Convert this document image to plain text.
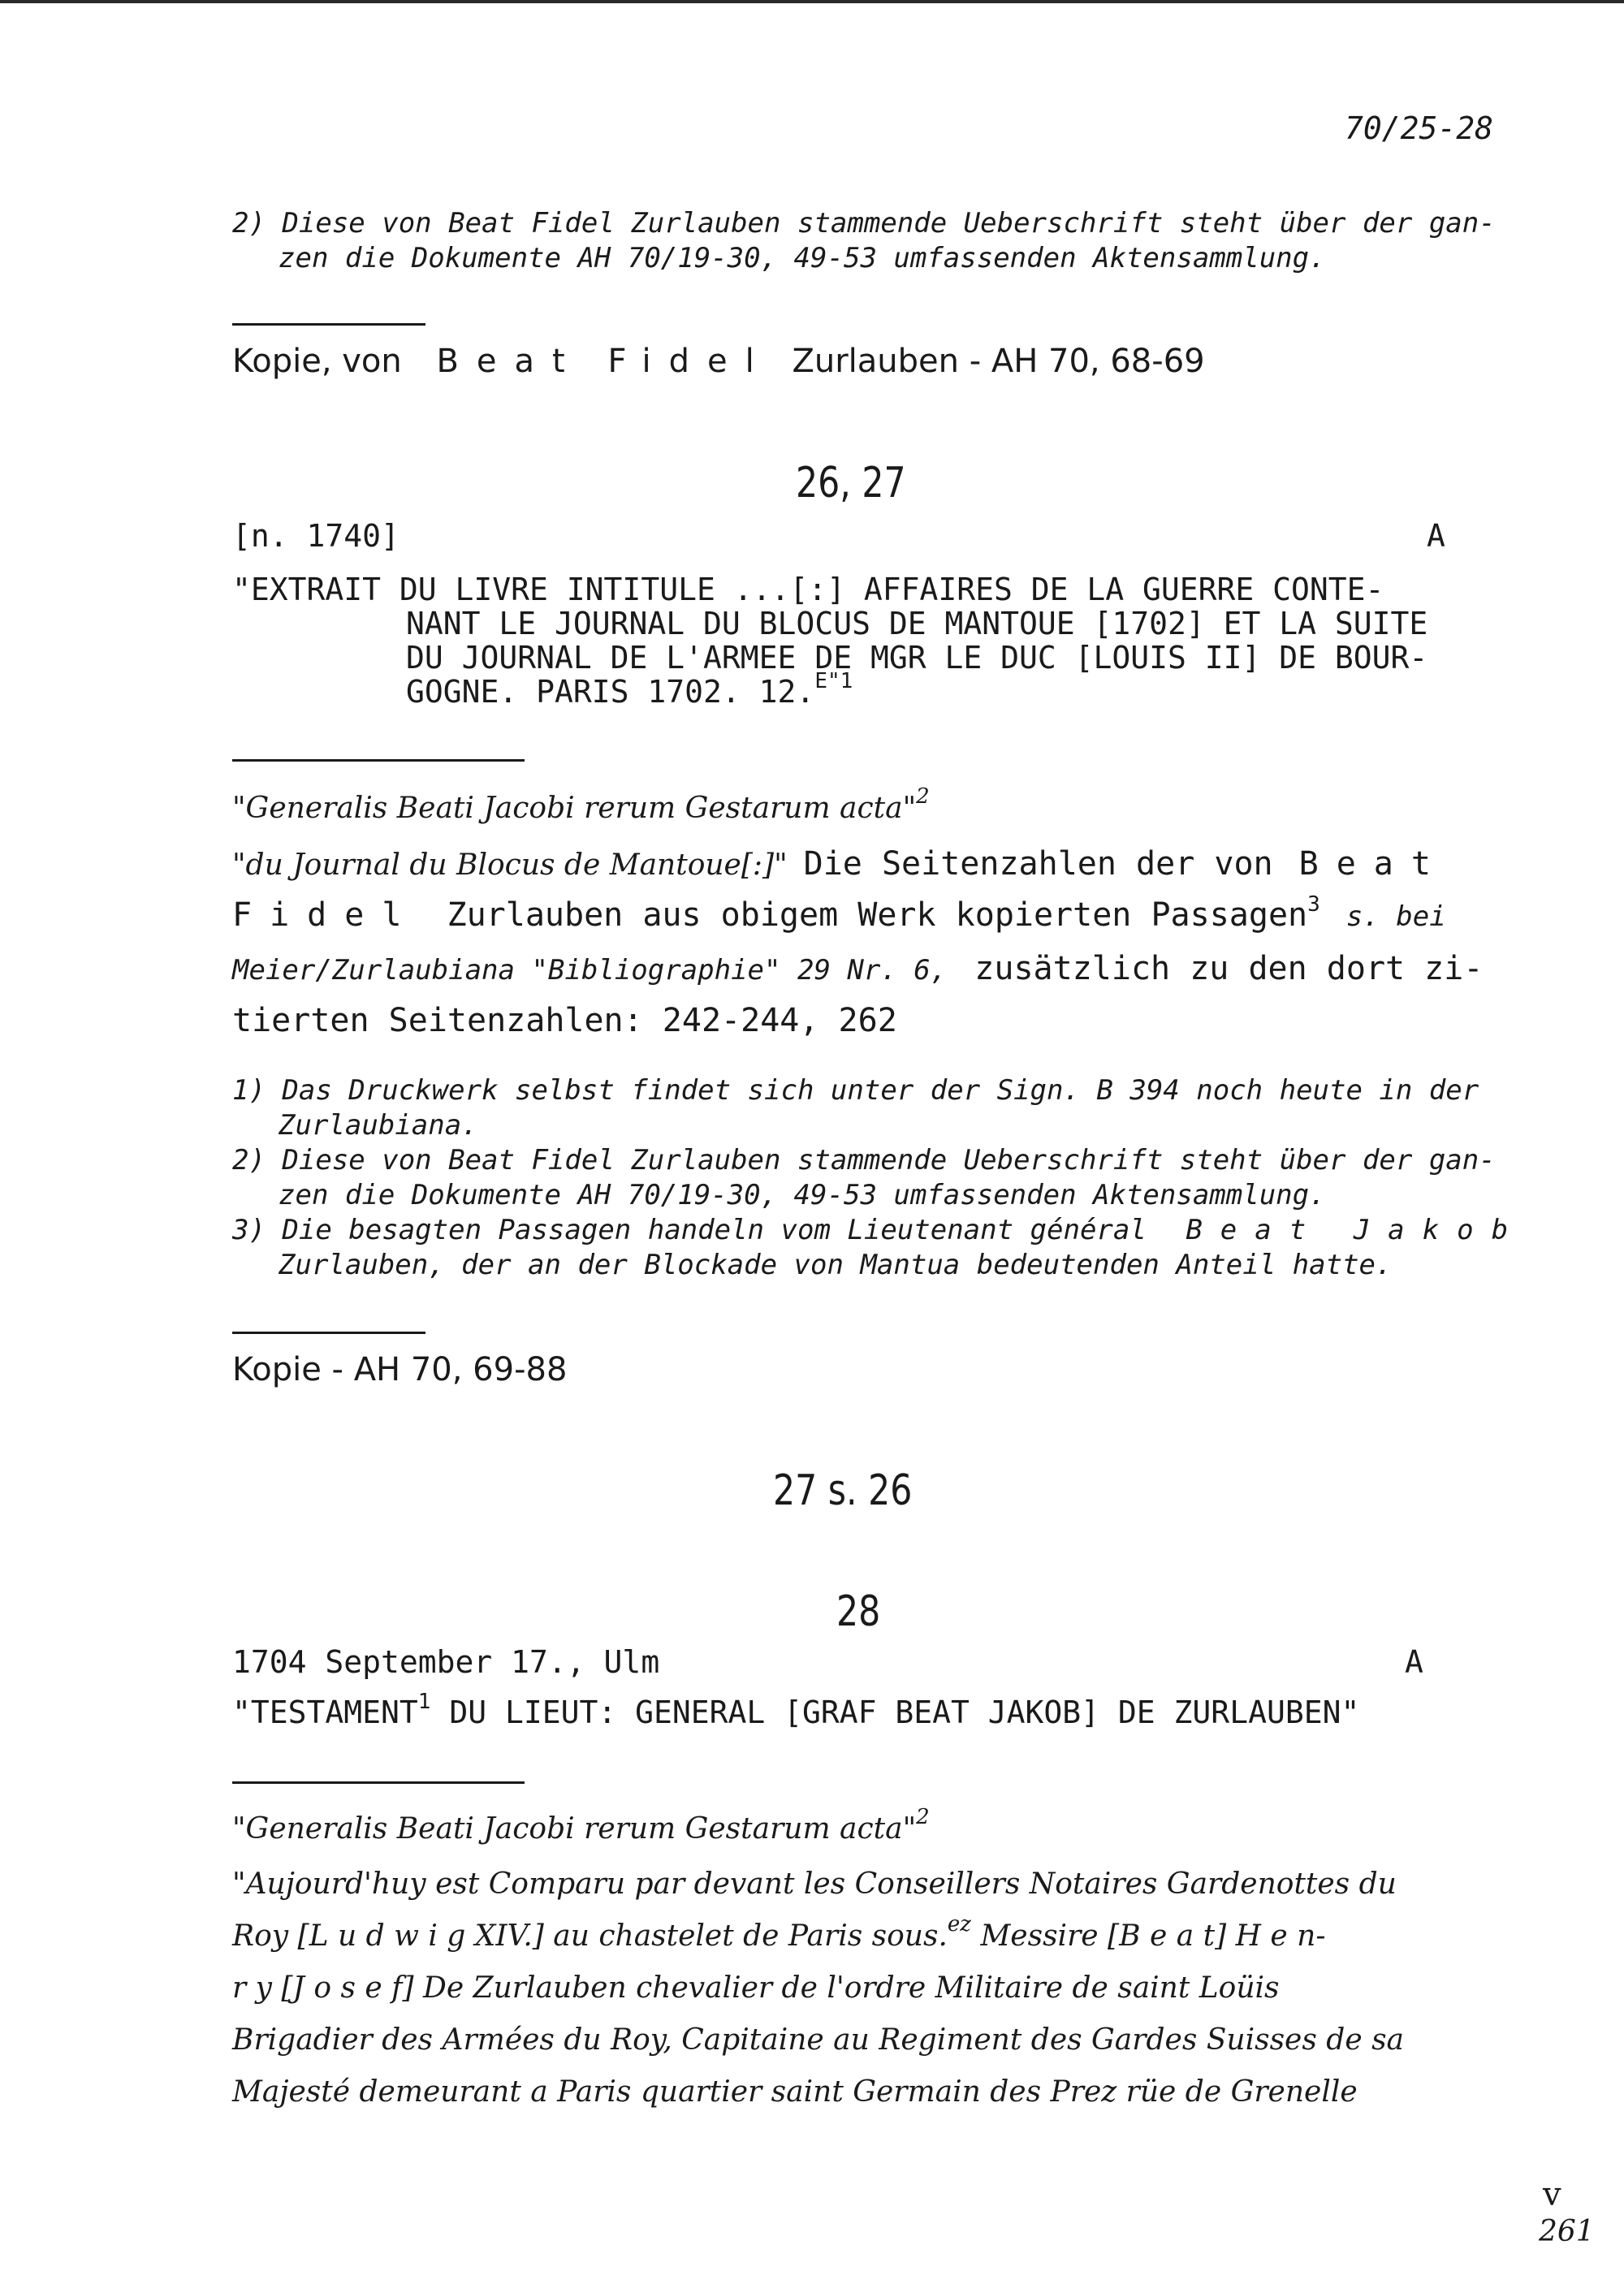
70/25-28
2) Diese von Beat Fidel Zurlauben stammende Ueberschrift steht über der gan-
zen die Dokumente AH 70/19-30, 49-53 umfassenden Aktensammlung.
Kopie, von Beat Fidel Zurlauben - AH 70, 68-69
26, 27
[n. 1740]	A
"EXTRAIT DU LIVRE INTITULE ...[:] AFFAIRES DE LA GUERRE CONTE-
NANT LE JOURNAL DU BLOCUS DE MANTOUE [1702] ET LA SUITE
DU JOURNAL DE L'ARMEE DE MGR LE DUC [LOUIS II] DE BOUR-
GOGNE. PARIS 1702. 12.$^{E"1}$
"Generalis Beati Jacobi rerum Gestarum acta"$^2$
"du Journal du Blocus de Mantoue[:]" Die Seitenzahlen der von Beat
Fidel Zurlauben aus obigem Werk kopierten Passagen$^3$ s. bei
Meier/Zurlaubiana "Bibliographie" 29 Nr. 6, zusätzlich zu den dort zi-
tierten Seitenzahlen: 242-244, 262
1) Das Druckwerk selbst findet sich unter der Sign. B 394 noch heute in der
Zurlaubiana.
2) Diese von Beat Fidel Zurlauben stammende Ueberschrift steht über der gan-
zen die Dokumente AH 70/19-30, 49-53 umfassenden Aktensammlung.
3) Die besagten Passagen handeln vom Lieutenant général Beat Jakob
Zurlauben, der an der Blockade von Mantua bedeutenden Anteil hatte.
Kopie - AH 70, 69-88
27 s. 26
28
1704 September 17., Ulm	A
"TESTAMENT$^1$ DU LIEUT: GENERAL [GRAF BEAT JAKOB] DE ZURLAUBEN"
"Generalis Beati Jacobi rerum Gestarum acta"$^2$
"Aujourd'huy est Comparu par devant les Conseillers Notaires Gardenottes du
Roy [L u d w i g XIV.] au chastelet de Paris sous.$^{ez}$ Messire [B e a t] H e n-
r y [J o s e f] De Zurlauben chevalier de l'ordre Militaire de saint Loüis
Brigadier des Armées du Roy, Capitaine au Regiment des Gardes Suisses de sa
Majesté demeurant a Paris quartier saint Germain des Prez rüe de Grenelle
v
261
